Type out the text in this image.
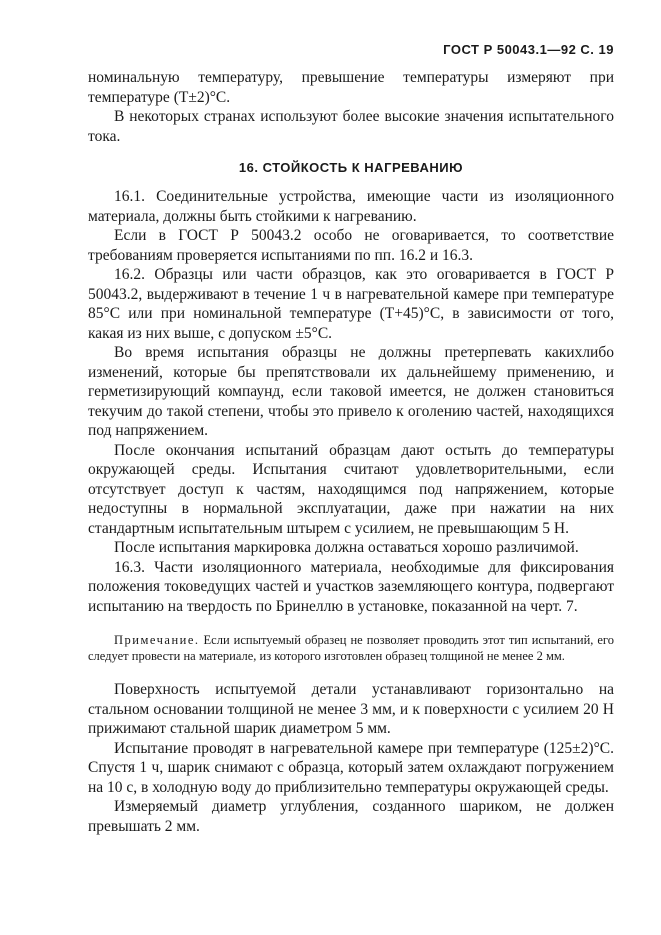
ГОСТ Р 50043.1—92 С. 19

номинальную температуру, превышение температуры измеряют при температуре (T±2)°С.

В некоторых странах используют более высокие значения испытательного тока.

16. СТОЙКОСТЬ К НАГРЕВАНИЮ

16.1. Соединительные устройства, имеющие части из изоляционного материала, должны быть стойкими к нагреванию.

Если в ГОСТ Р 50043.2 особо не оговаривается, то соответствие требованиям проверяется испытаниями по пп. 16.2 и 16.3.

16.2. Образцы или части образцов, как это оговаривается в ГОСТ Р 50043.2, выдерживают в течение 1 ч в нагревательной камере при температуре 85°С или при номинальной температуре (T+45)°С, в зависимости от того, какая из них выше, с допуском ±5°С.

Во время испытания образцы не должны претерпевать какихлибо изменений, которые бы препятствовали их дальнейшему применению, и герметизирующий компаунд, если таковой имеется, не должен становиться текучим до такой степени, чтобы это привело к оголению частей, находящихся под напряжением.

После окончания испытаний образцам дают остыть до температуры окружающей среды. Испытания считают удовлетворительными, если отсутствует доступ к частям, находящимся под напряжением, которые недоступны в нормальной эксплуатации, даже при нажатии на них стандартным испытательным штырем с усилием, не превышающим 5 Н.

После испытания маркировка должна оставаться хорошо различимой.

16.3. Части изоляционного материала, необходимые для фиксирования положения токоведущих частей и участков заземляющего контура, подвергают испытанию на твердость по Бринеллю в установке, показанной на черт. 7.

Примечание. Если испытуемый образец не позволяет проводить этот тип испытаний, его следует провести на материале, из которого изготовлен образец толщиной не менее 2 мм.

Поверхность испытуемой детали устанавливают горизонтально на стальном основании толщиной не менее 3 мм, и к поверхности с усилием 20 Н прижимают стальной шарик диаметром 5 мм.

Испытание проводят в нагревательной камере при температуре (125±2)°С. Спустя 1 ч, шарик снимают с образца, который затем охлаждают погружением на 10 с, в холодную воду до приблизительно температуры окружающей среды.

Измеряемый диаметр углубления, созданного шариком, не должен превышать 2 мм.
